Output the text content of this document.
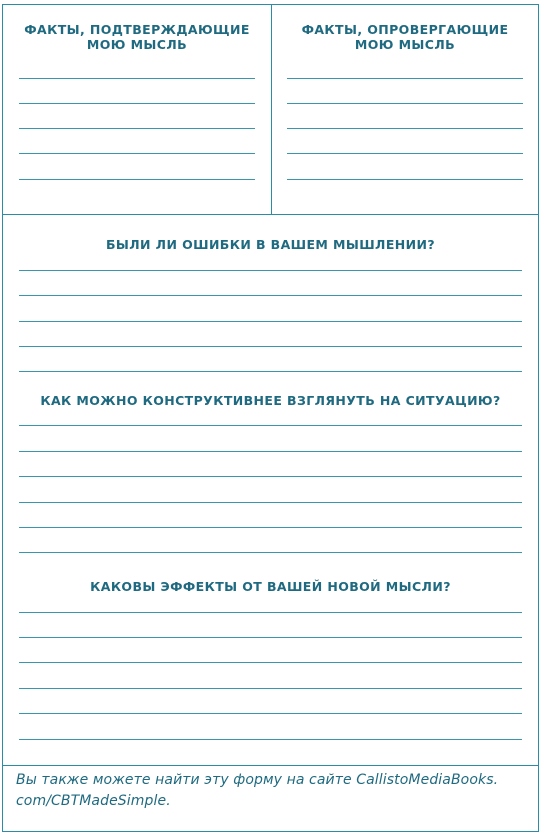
ФАКТЫ, ПОДТВЕРЖДАЮЩИЕ МОЮ МЫСЛЬ
ФАКТЫ, ОПРОВЕРГАЮЩИЕ МОЮ МЫСЛЬ
БЫЛИ ЛИ ОШИБКИ В ВАШЕМ МЫШЛЕНИИ?
КАК МОЖНО КОНСТРУКТИВНЕЕ ВЗГЛЯНУТЬ НА СИТУАЦИЮ?
КАКОВЫ ЭФФЕКТЫ ОТ ВАШЕЙ НОВОЙ МЫСЛИ?
Вы также можете найти эту форму на сайте CallistoMediaBooks.
com/CBTMadeSimple.
